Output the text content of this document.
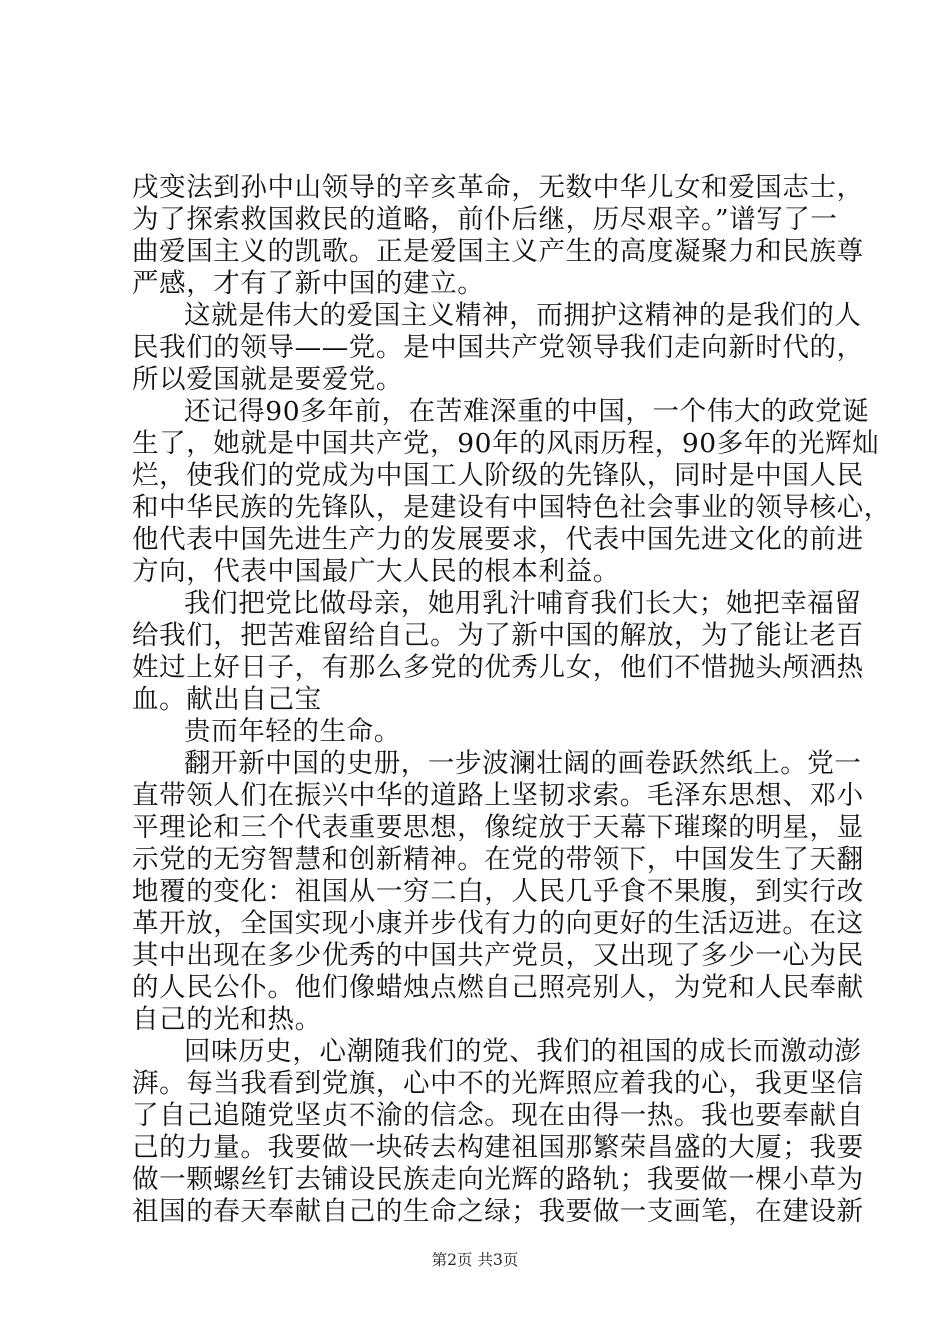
戌变法到孙中山领导的辛亥革命，无数中华儿女和爱国志士，
为了探索救国救民的道略，前仆后继，历尽艰辛。”谱写了一
曲爱国主义的凯歌。正是爱国主义产生的高度凝聚力和民族尊
严感，才有了新中国的建立。
这就是伟大的爱国主义精神，而拥护这精神的是我们的人
民我们的领导——党。是中国共产党领导我们走向新时代的，
所以爱国就是要爱党。
还记得90多年前，在苦难深重的中国，一个伟大的政党诞
生了，她就是中国共产党，90年的风雨历程，90多年的光辉灿
烂，使我们的党成为中国工人阶级的先锋队，同时是中国人民
和中华民族的先锋队，是建设有中国特色社会事业的领导核心，
他代表中国先进生产力的发展要求，代表中国先进文化的前进
方向，代表中国最广大人民的根本利益。
我们把党比做母亲，她用乳汁哺育我们长大；她把幸福留
给我们，把苦难留给自己。为了新中国的解放，为了能让老百
姓过上好日子，有那么多党的优秀儿女，他们不惜抛头颅洒热
血。献出自己宝
贵而年轻的生命。
翻开新中国的史册，一步波澜壮阔的画卷跃然纸上。党一
直带领人们在振兴中华的道路上坚韧求索。毛泽东思想、邓小
平理论和三个代表重要思想，像绽放于天幕下璀璨的明星，显
示党的无穷智慧和创新精神。在党的带领下，中国发生了天翻
地覆的变化：祖国从一穷二白，人民几乎食不果腹，到实行改
革开放，全国实现小康并步伐有力的向更好的生活迈进。在这
其中出现在多少优秀的中国共产党员，又出现了多少一心为民
的人民公仆。他们像蜡烛点燃自己照亮别人，为党和人民奉献
自己的光和热。
回味历史，心潮随我们的党、我们的祖国的成长而激动澎
湃。每当我看到党旗，心中不的光辉照应着我的心，我更坚信
了自己追随党坚贞不渝的信念。现在由得一热。我也要奉献自
己的力量。我要做一块砖去构建祖国那繁荣昌盛的大厦；我要
做一颗螺丝钉去铺设民族走向光辉的路轨；我要做一棵小草为
祖国的春天奉献自己的生命之绿；我要做一支画笔，在建设新
第2页 共3页
